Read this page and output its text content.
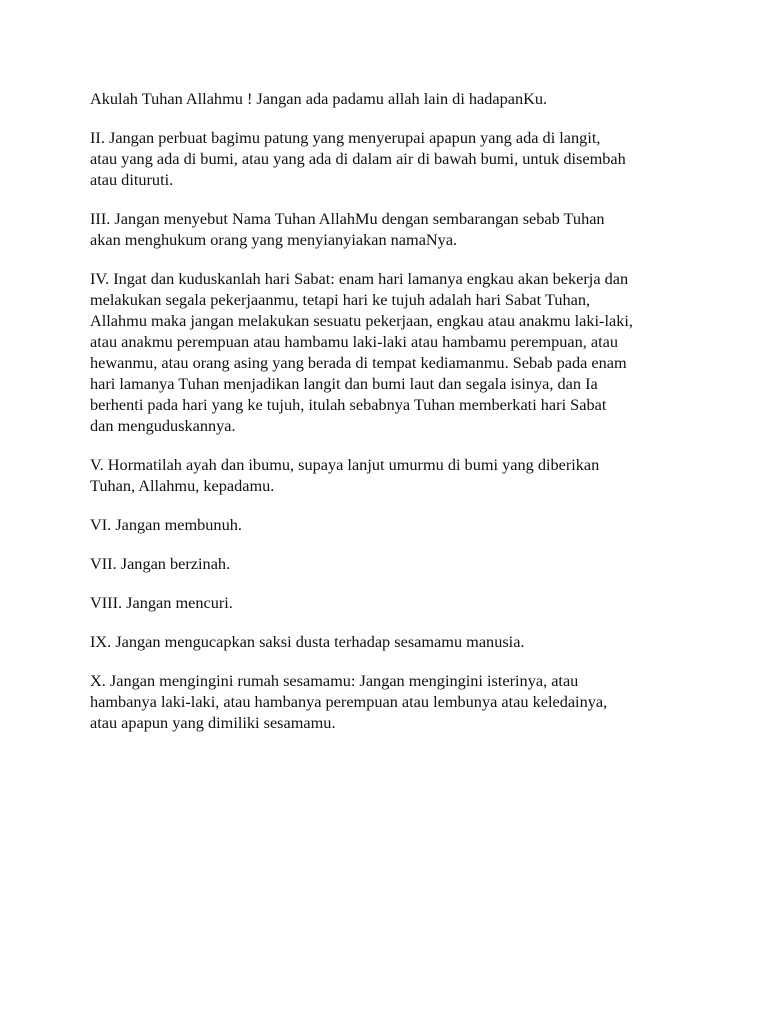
Akulah Tuhan Allahmu ! Jangan ada padamu allah lain di hadapanKu.

II. Jangan perbuat bagimu patung yang menyerupai apapun yang ada di langit,
atau yang ada di bumi, atau yang ada di dalam air di bawah bumi, untuk disembah
atau dituruti.

III. Jangan menyebut Nama Tuhan AllahMu dengan sembarangan sebab Tuhan
akan menghukum orang yang menyianyiakan namaNya.

IV. Ingat dan kuduskanlah hari Sabat: enam hari lamanya engkau akan bekerja dan
melakukan segala pekerjaanmu, tetapi hari ke tujuh adalah hari Sabat Tuhan,
Allahmu maka jangan melakukan sesuatu pekerjaan, engkau atau anakmu laki-laki,
atau anakmu perempuan atau hambamu laki-laki atau hambamu perempuan, atau
hewanmu, atau orang asing yang berada di tempat kediamanmu. Sebab pada enam
hari lamanya Tuhan menjadikan langit dan bumi laut dan segala isinya, dan Ia
berhenti pada hari yang ke tujuh, itulah sebabnya Tuhan memberkati hari Sabat
dan menguduskannya.

V. Hormatilah ayah dan ibumu, supaya lanjut umurmu di bumi yang diberikan
Tuhan, Allahmu, kepadamu.

VI. Jangan membunuh.

VII. Jangan berzinah.

VIII. Jangan mencuri.

IX. Jangan mengucapkan saksi dusta terhadap sesamamu manusia.

X. Jangan mengingini rumah sesamamu: Jangan mengingini isterinya, atau
hambanya laki-laki, atau hambanya perempuan atau lembunya atau keledainya,
atau apapun yang dimiliki sesamamu.
